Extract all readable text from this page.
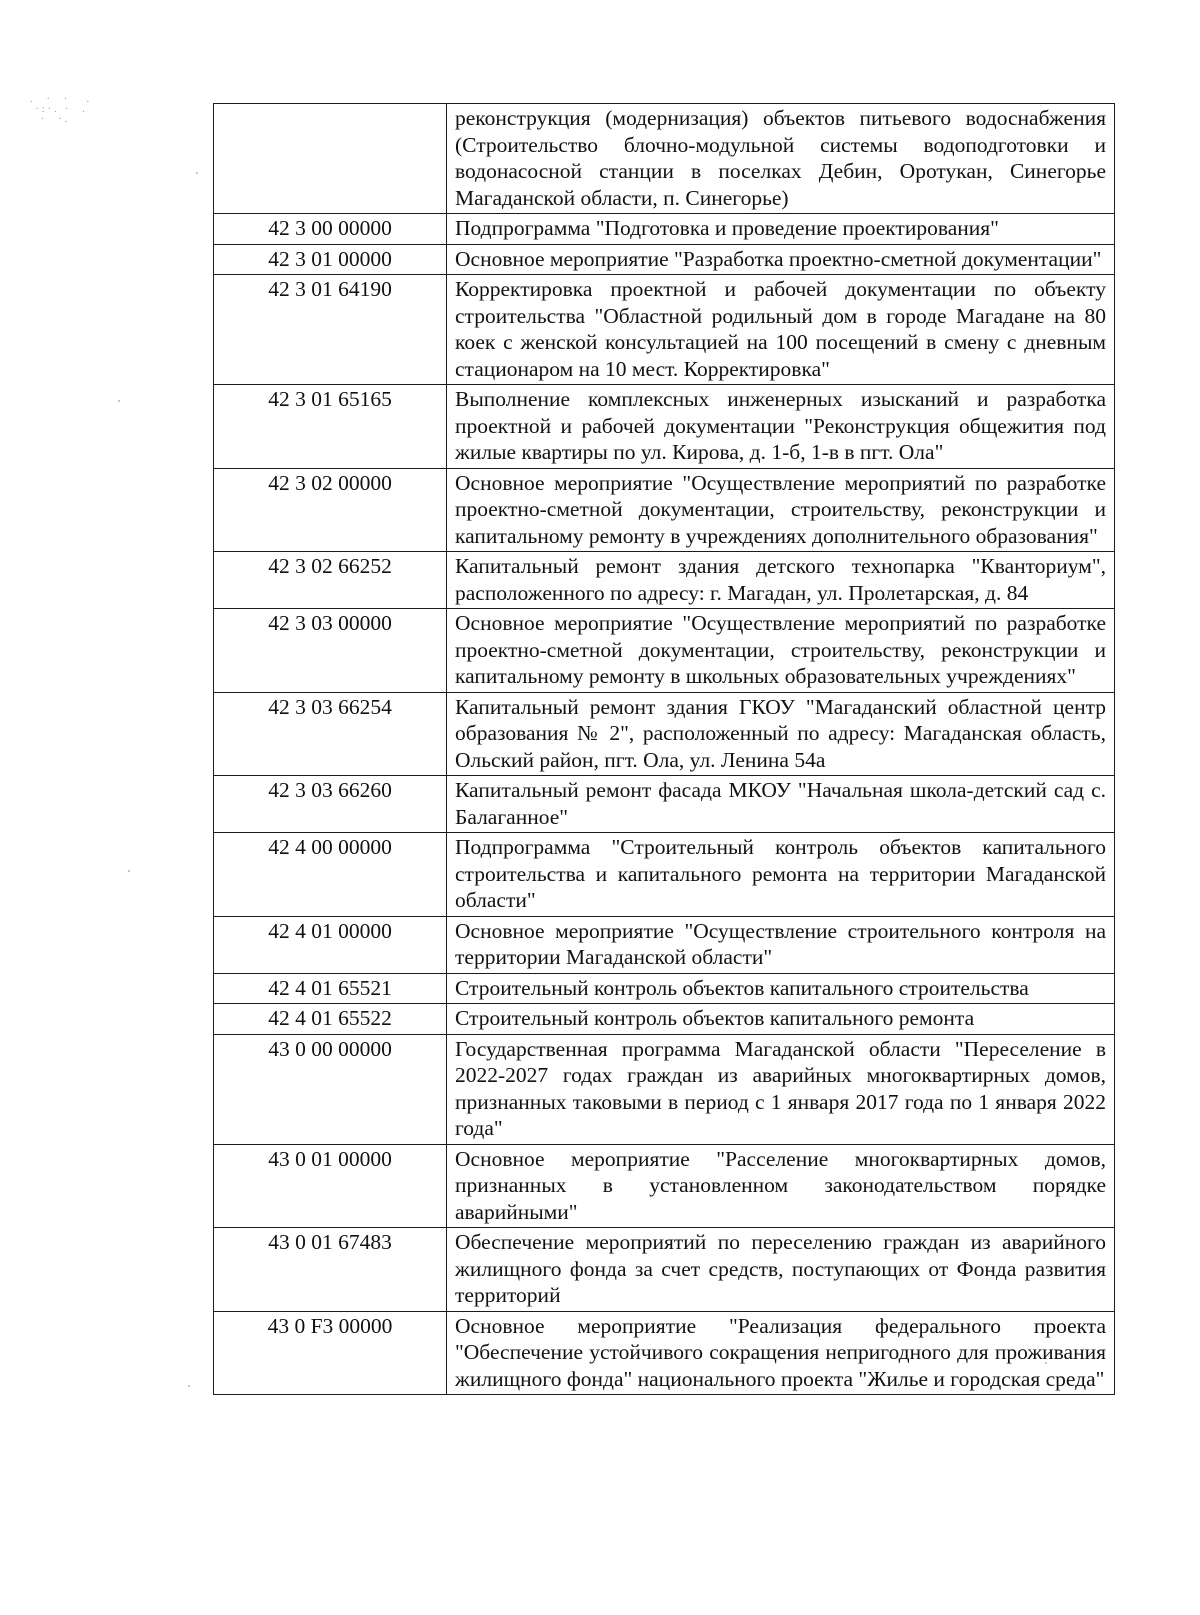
.  ·  ·   .
·:·. ·  .
·  ·.
		реконструкция (модернизация) объектов питьевого водоснабжения (Строительство блочно-модульной системы водоподготовки и водонасосной станции в поселках Дебин, Оротукан, Синегорье Магаданской области, п. Синегорье)
42 3 00 00000	Подпрограмма "Подготовка и проведение проектирования"
42 3 01 00000	Основное мероприятие "Разработка проектно-сметной документации"
42 3 01 64190	Корректировка проектной и рабочей документации по объекту строительства "Областной родильный дом в городе Магадане на 80 коек с женской консультацией на 100 посещений в смену с дневным стационаром на 10 мест. Корректировка"
42 3 01 65165	Выполнение комплексных инженерных изысканий и разработка проектной и рабочей документации "Реконструкция общежития под жилые квартиры по ул. Кирова, д. 1-б, 1-в в пгт. Ола"
42 3 02 00000	Основное мероприятие "Осуществление мероприятий по разработке проектно-сметной документации, строительству, реконструкции и капитальному ремонту в учреждениях дополнительного образования"
42 3 02 66252	Капитальный ремонт здания детского технопарка "Кванториум", расположенного по адресу: г. Магадан, ул. Пролетарская, д. 84
42 3 03 00000	Основное мероприятие "Осуществление мероприятий по разработке проектно-сметной документации, строительству, реконструкции и капитальному ремонту в школьных образовательных учреждениях"
42 3 03 66254	Капитальный ремонт здания ГКОУ "Магаданский областной центр образования № 2", расположенный по адресу: Магаданская область, Ольский район, пгт. Ола, ул. Ленина 54а
42 3 03 66260	Капитальный ремонт фасада МКОУ "Начальная школа-детский сад с. Балаганное"
42 4 00 00000	Подпрограмма "Строительный контроль объектов капитального строительства и капитального ремонта на территории Магаданской области"
42 4 01 00000	Основное мероприятие "Осуществление строительного контроля на территории Магаданской области"
42 4 01 65521	Строительный контроль объектов капитального строительства
42 4 01 65522	Строительный контроль объектов капитального ремонта
43 0 00 00000	Государственная программа Магаданской области "Переселение в 2022-2027 годах граждан из аварийных многоквартирных домов, признанных таковыми в период с 1 января 2017 года по 1 января 2022 года"
43 0 01 00000	Основное мероприятие "Расселение многоквартирных домов, признанных в установленном законодательством порядке аварийными"
43 0 01 67483	Обеспечение мероприятий по переселению граждан из аварийного жилищного фонда за счет средств, поступающих от Фонда развития территорий
43 0 F3 00000	Основное мероприятие "Реализация федерального проекта "Обеспечение устойчивого сокращения непригодного для проживания жилищного фонда" национального проекта "Жилье и городская среда"
